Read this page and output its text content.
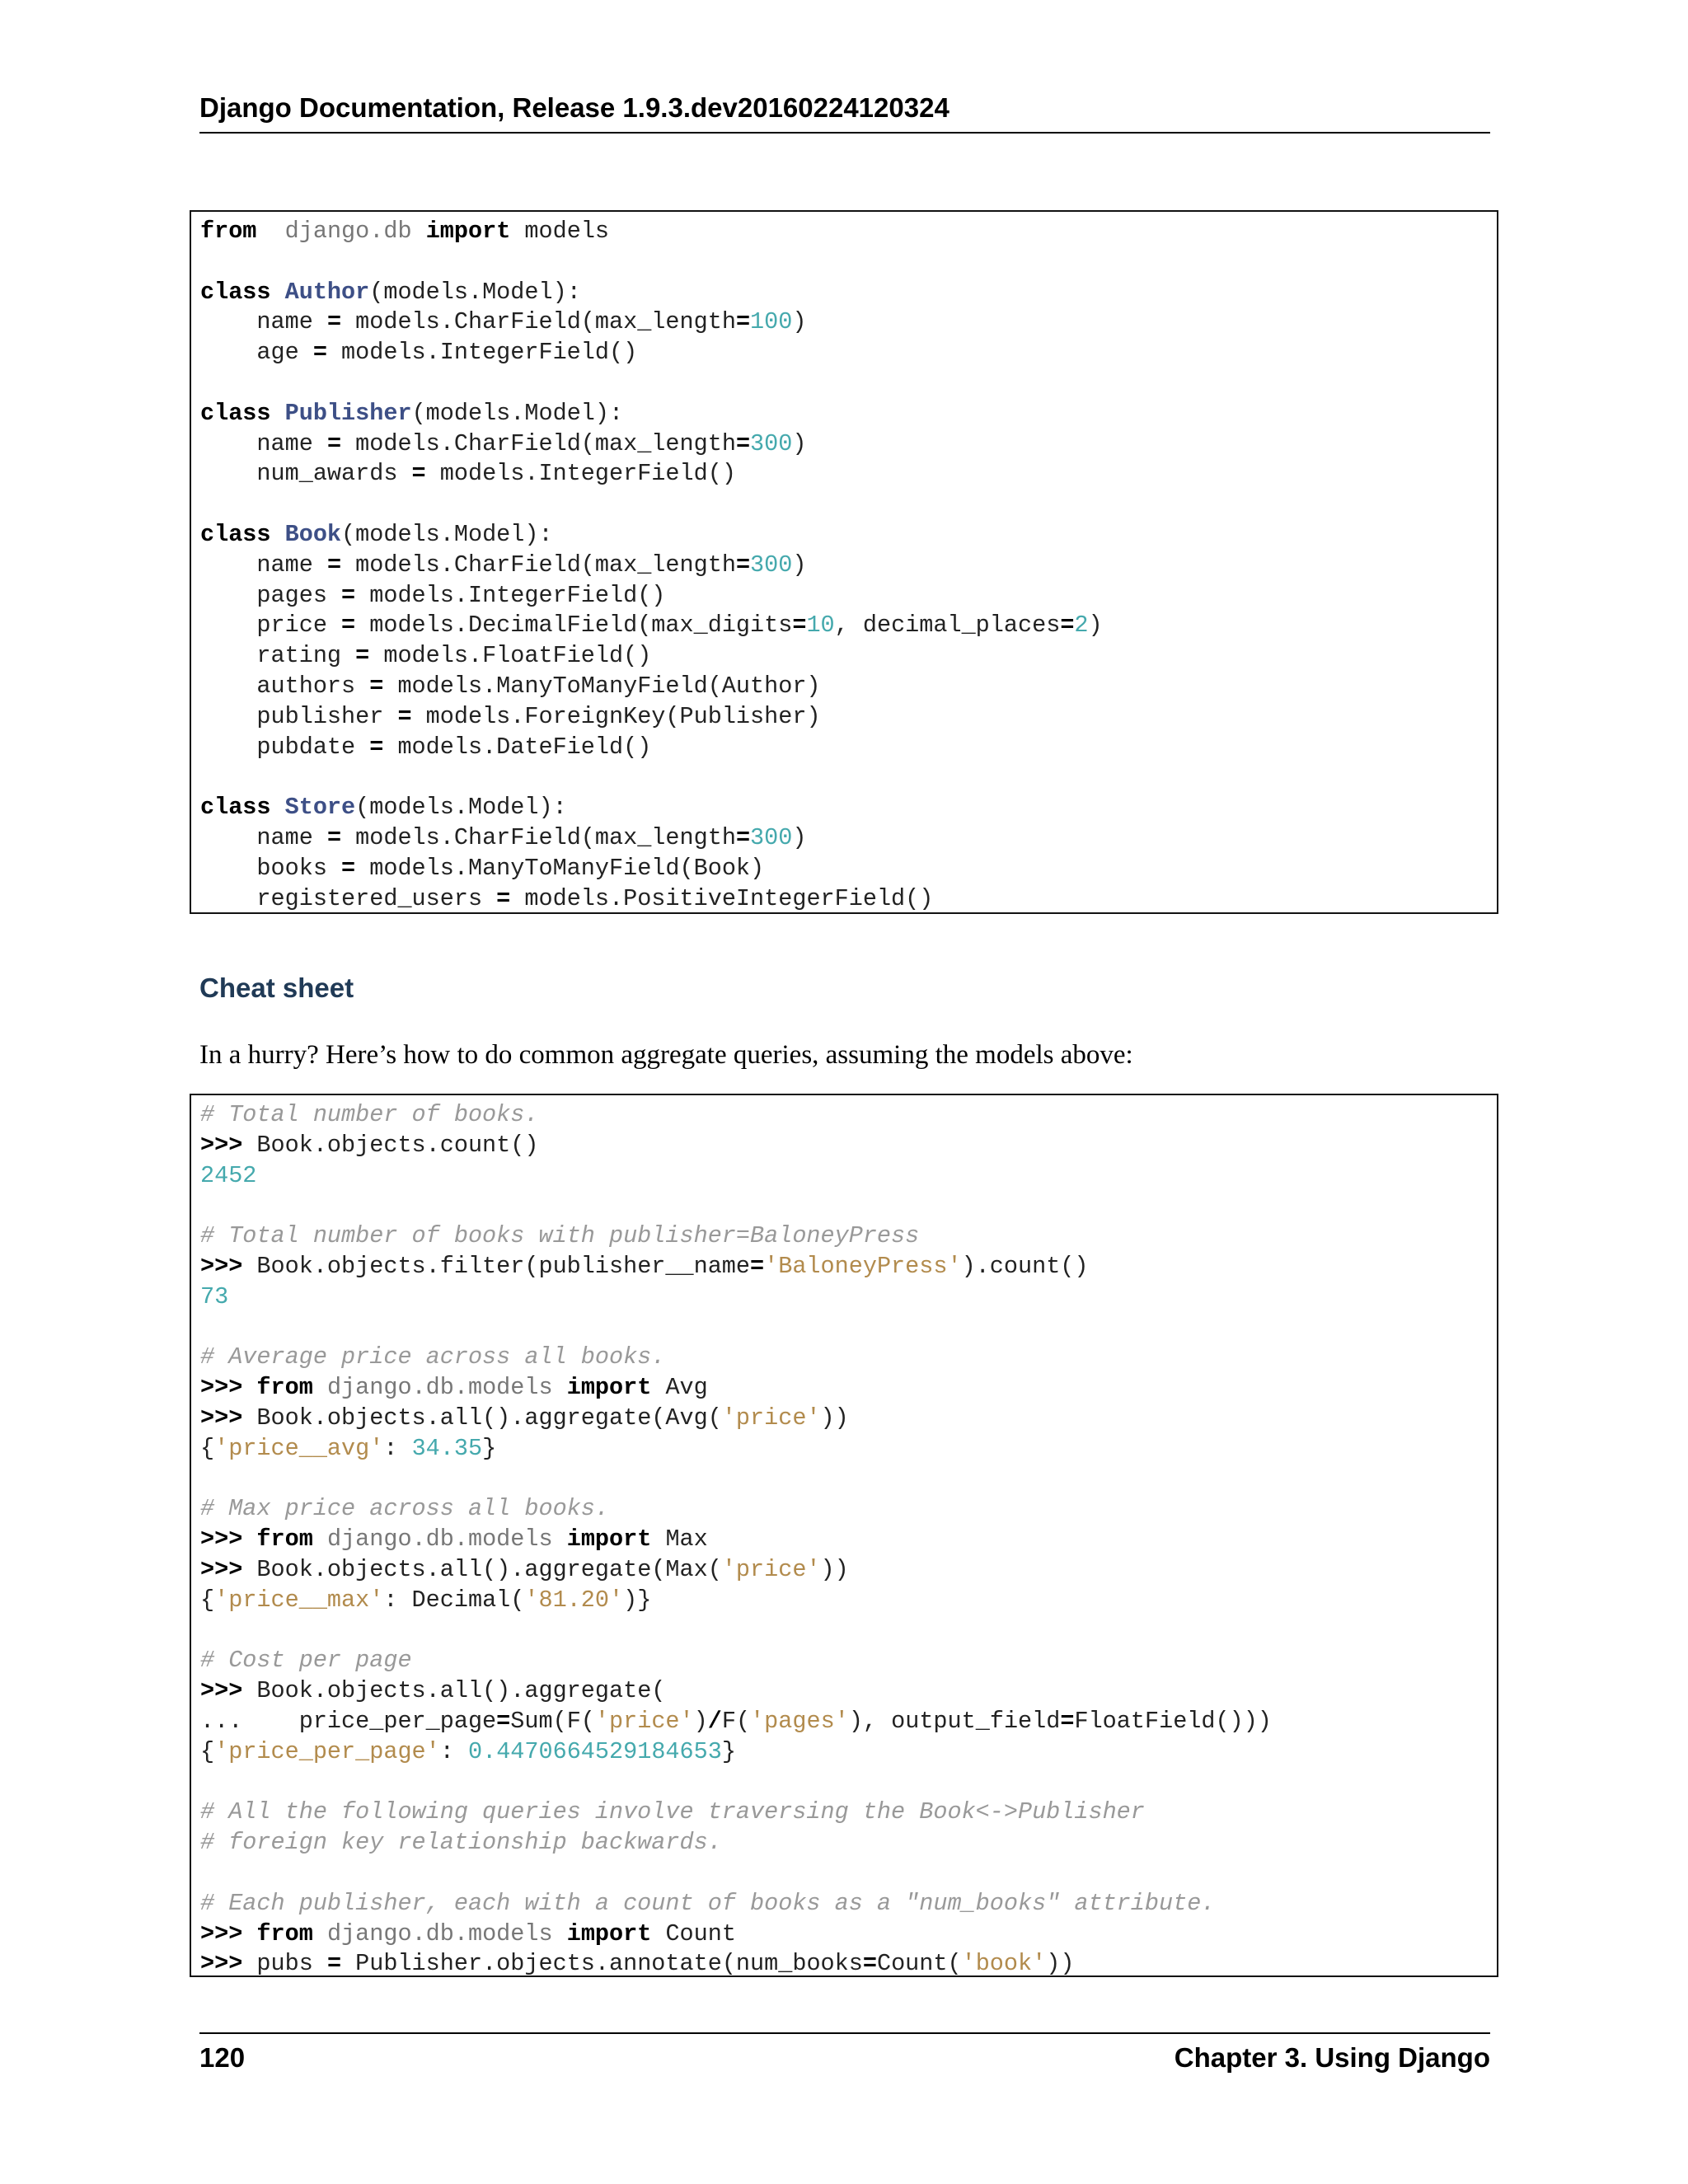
Django Documentation, Release 1.9.3.dev20160224120324
from django.db import models
class Author(models.Model):
name = models.CharField(max_length=100)
age = models.IntegerField()
class Publisher(models.Model):
name = models.CharField(max_length=300)
num_awards = models.IntegerField()
class Book(models.Model):
name = models.CharField(max_length=300)
pages = models.IntegerField()
price = models.DecimalField(max_digits=10, decimal_places=2)
rating = models.FloatField()
authors = models.ManyToManyField(Author)
publisher = models.ForeignKey(Publisher)
pubdate = models.DateField()
class Store(models.Model):
name = models.CharField(max_length=300)
books = models.ManyToManyField(Book)
registered_users = models.PositiveIntegerField()
Cheat sheet
In a hurry? Here’s how to do common aggregate queries, assuming the models above:
# Total number of books.
>>> Book.objects.count()
2452
# Total number of books with publisher=BaloneyPress
>>> Book.objects.filter(publisher__name='BaloneyPress').count()
73
# Average price across all books.
>>> from django.db.models import Avg
>>> Book.objects.all().aggregate(Avg('price'))
{'price__avg': 34.35}
# Max price across all books.
>>> from django.db.models import Max
>>> Book.objects.all().aggregate(Max('price'))
{'price__max': Decimal('81.20')}
# Cost per page
>>> Book.objects.all().aggregate(
...    price_per_page=Sum(F('price')/F('pages'), output_field=FloatField()))
{'price_per_page': 0.4470664529184653}
# All the following queries involve traversing the Book<->Publisher
# foreign key relationship backwards.
# Each publisher, each with a count of books as a "num_books" attribute.
>>> from django.db.models import Count
>>> pubs = Publisher.objects.annotate(num_books=Count('book'))
120	Chapter 3. Using Django
